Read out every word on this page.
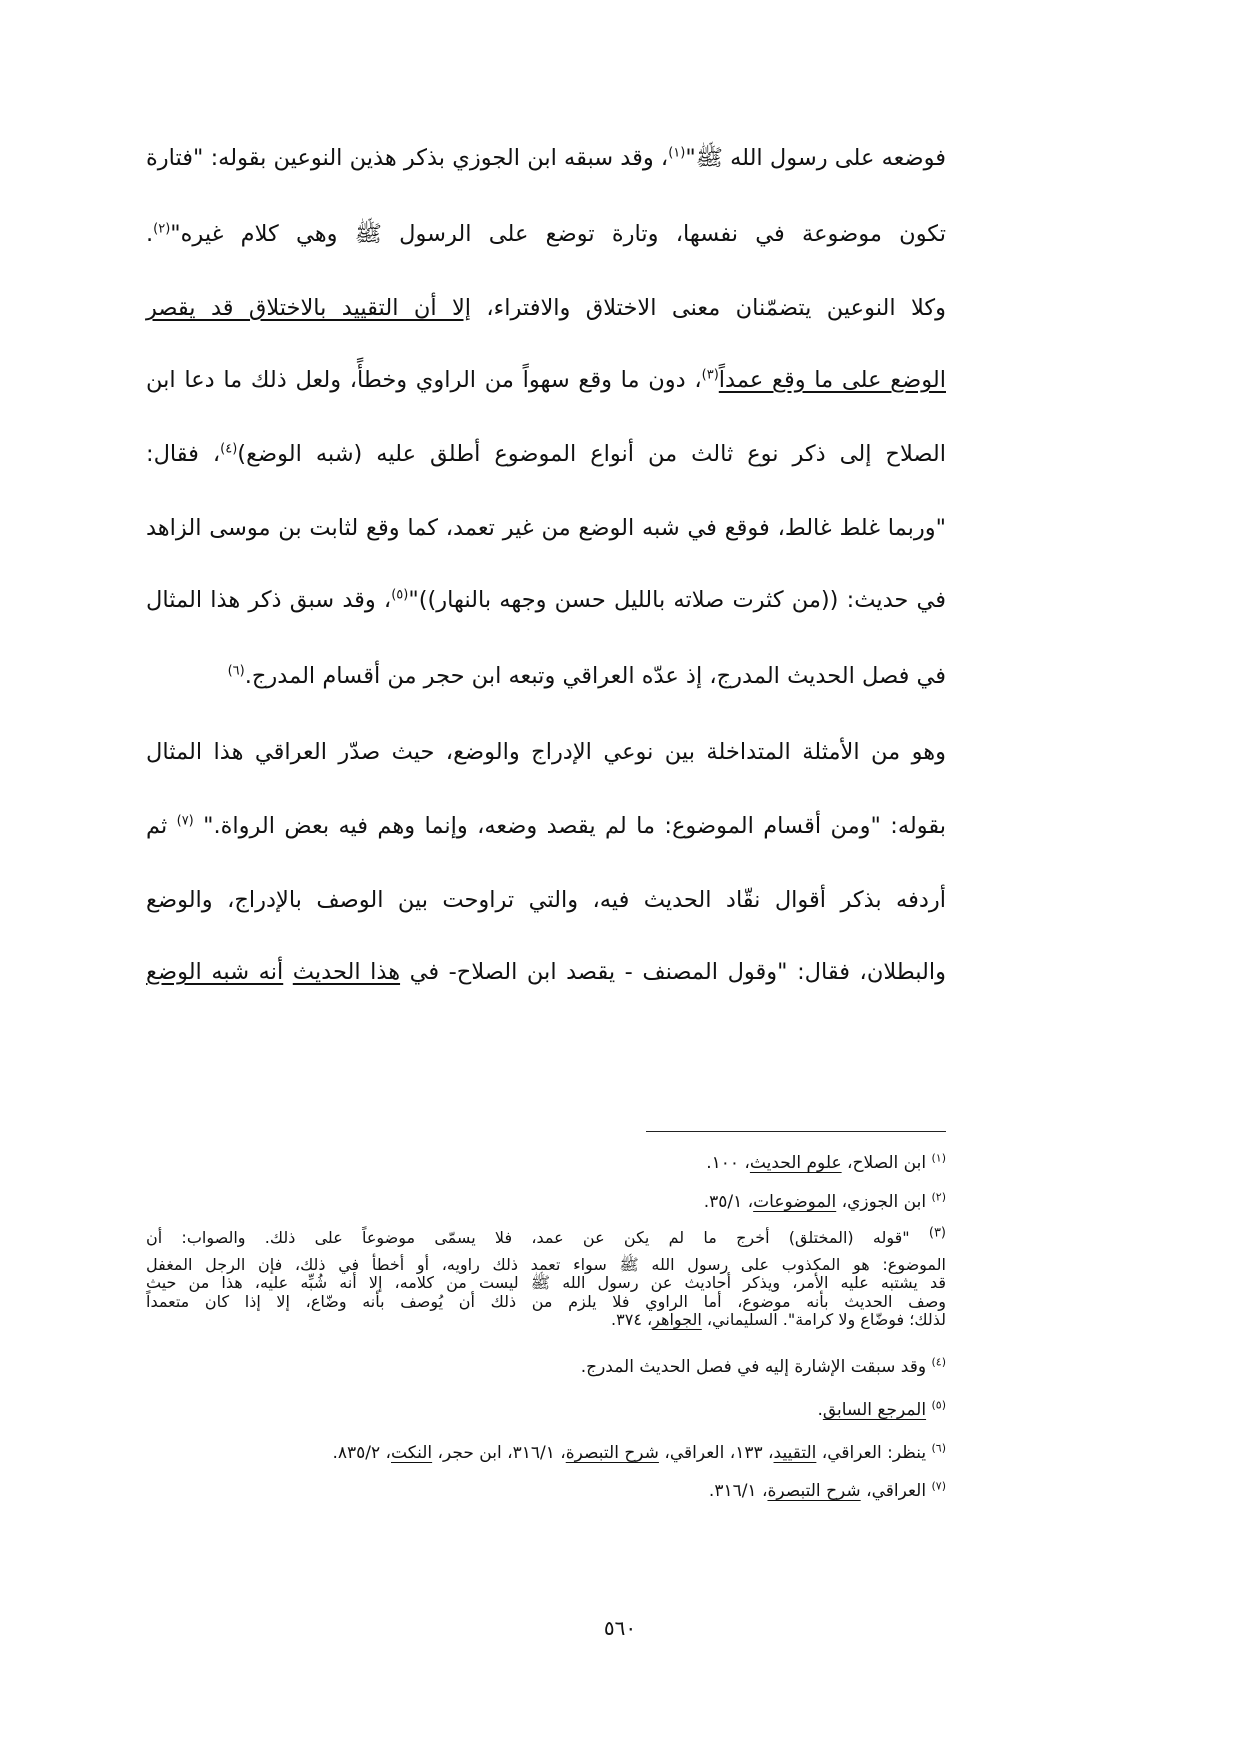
فوضعه على رسول الله ﷺ"$^{(١)}$، وقد سبقه ابن الجوزي بذكر هذين النوعين بقوله: "فتارة

تكون موضوعة في نفسها، وتارة توضع على الرسول ﷺ وهي كلام غيره"$^{(٢)}$.

وكلا النوعين يتضمّنان معنى الاختلاق والافتراء، إلا أن التقييد بالاختلاق قد يقصر

الوضع على ما وقع عمداً$^{(٣)}$، دون ما وقع سهواً من الراوي وخطأً، ولعل ذلك ما دعا ابن

الصلاح إلى ذكر نوع ثالث من أنواع الموضوع أطلق عليه (شبه الوضع)$^{(٤)}$، فقال:

"وربما غلط غالط، فوقع في شبه الوضع من غير تعمد، كما وقع لثابت بن موسى الزاهد

في حديث: ((من كثرت صلاته بالليل حسن وجهه بالنهار))"$^{(٥)}$، وقد سبق ذكر هذا المثال

في فصل الحديث المدرج، إذ عدّه العراقي وتبعه ابن حجر من أقسام المدرج.$^{(٦)}$

وهو من الأمثلة المتداخلة بين نوعي الإدراج والوضع، حيث صدّر العراقي هذا المثال

بقوله: "ومن أقسام الموضوع: ما لم يقصد وضعه، وإنما وهم فيه بعض الرواة." $^{(٧)}$ ثم

أردفه بذكر أقوال نقّاد الحديث فيه، والتي تراوحت بين الوصف بالإدراج، والوضع

والبطلان، فقال: "وقول المصنف - يقصد ابن الصلاح- في هذا الحديث أنه شبه الوضع

$^{(١)}$ ابن الصلاح، علوم الحديث، ١٠٠.
$^{(٢)}$ ابن الجوزي، الموضوعات، ٣٥/١.
$^{(٣)}$ "قوله (المختلق) أخرج ما لم يكن عن عمد، فلا يسمّى موضوعاً على ذلك. والصواب: أن
الموضوع: هو المكذوب على رسول الله ﷺ سواء تعمد ذلك راويه، أو أخطأ في ذلك، فإن الرجل المغفل
قد يشتبه عليه الأمر، ويذكر أحاديث عن رسول الله ﷺ ليست من كلامه، إلا أنه شُبِّه عليه، هذا من حيث
وصف الحديث بأنه موضوع، أما الراوي فلا يلزم من ذلك أن يُوصف بأنه وضّاع، إلا إذا كان متعمداً
لذلك؛ فوضّاع ولا كرامة". السليماني، الجواهر، ٣٧٤.
$^{(٤)}$ وقد سبقت الإشارة إليه في فصل الحديث المدرج.
$^{(٥)}$ المرجع السابق.
$^{(٦)}$ ينظر: العراقي، التقييد، ١٣٣، العراقي، شرح التبصرة، ٣١٦/١، ابن حجر، النكت، ٨٣٥/٢.
$^{(٧)}$ العراقي، شرح التبصرة، ٣١٦/١.
٥٦٠
